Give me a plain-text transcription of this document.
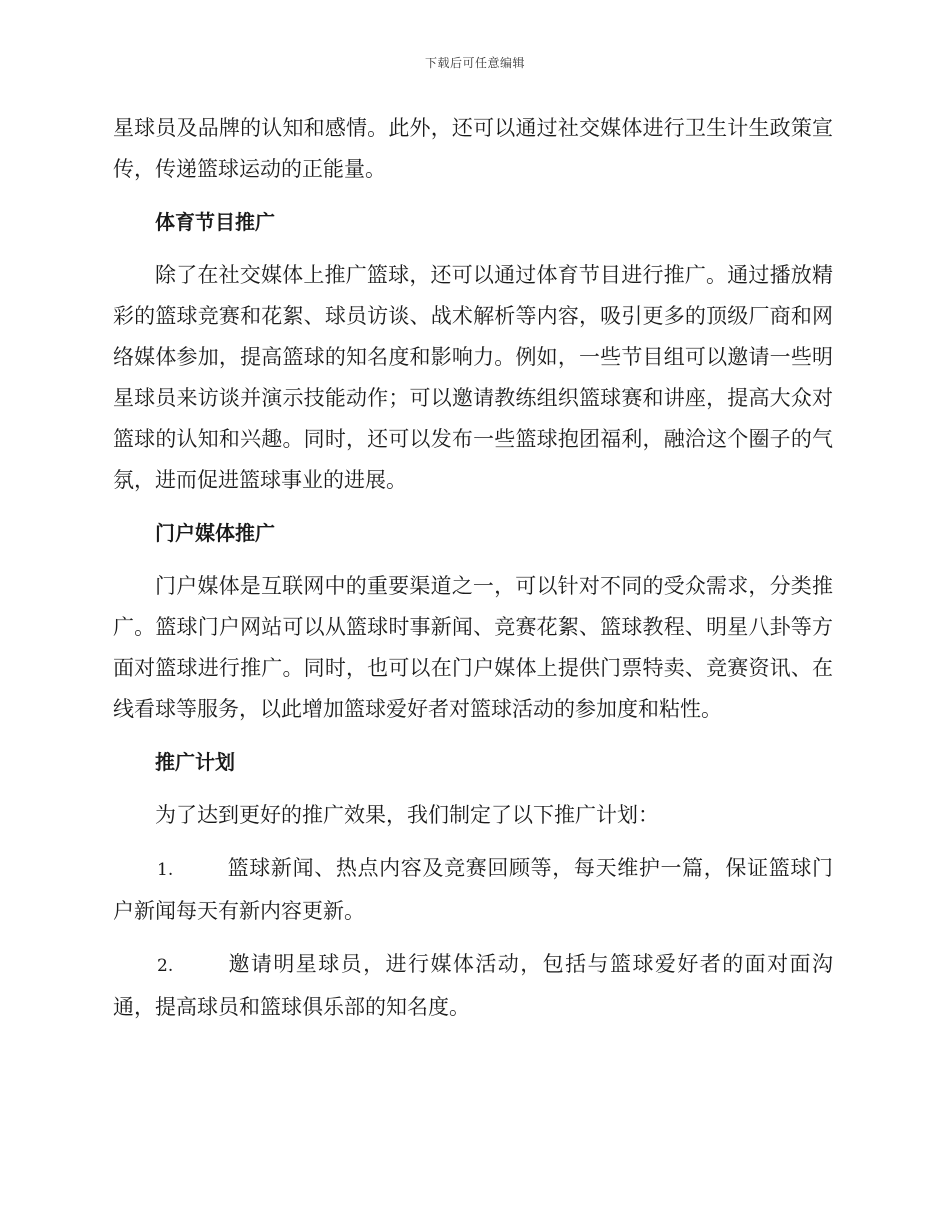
下载后可任意编辑

星球员及品牌的认知和感情。此外，还可以通过社交媒体进行卫生计生政策宣传，传递篮球运动的正能量。

体育节目推广

除了在社交媒体上推广篮球，还可以通过体育节目进行推广。通过播放精彩的篮球竞赛和花絮、球员访谈、战术解析等内容，吸引更多的顶级厂商和网络媒体参加，提高篮球的知名度和影响力。例如，一些节目组可以邀请一些明星球员来访谈并演示技能动作；可以邀请教练组织篮球赛和讲座，提高大众对篮球的认知和兴趣。同时，还可以发布一些篮球抱团福利，融洽这个圈子的气氛，进而促进篮球事业的进展。

门户媒体推广

门户媒体是互联网中的重要渠道之一，可以针对不同的受众需求，分类推广。篮球门户网站可以从篮球时事新闻、竞赛花絮、篮球教程、明星八卦等方面对篮球进行推广。同时，也可以在门户媒体上提供门票特卖、竞赛资讯、在线看球等服务，以此增加篮球爱好者对篮球活动的参加度和粘性。

推广计划

为了达到更好的推广效果，我们制定了以下推广计划：

1.	篮球新闻、热点内容及竞赛回顾等，每天维护一篇，保证篮球门户新闻每天有新内容更新。

2.	邀请明星球员，进行媒体活动，包括与篮球爱好者的面对面沟通，提高球员和篮球俱乐部的知名度。
